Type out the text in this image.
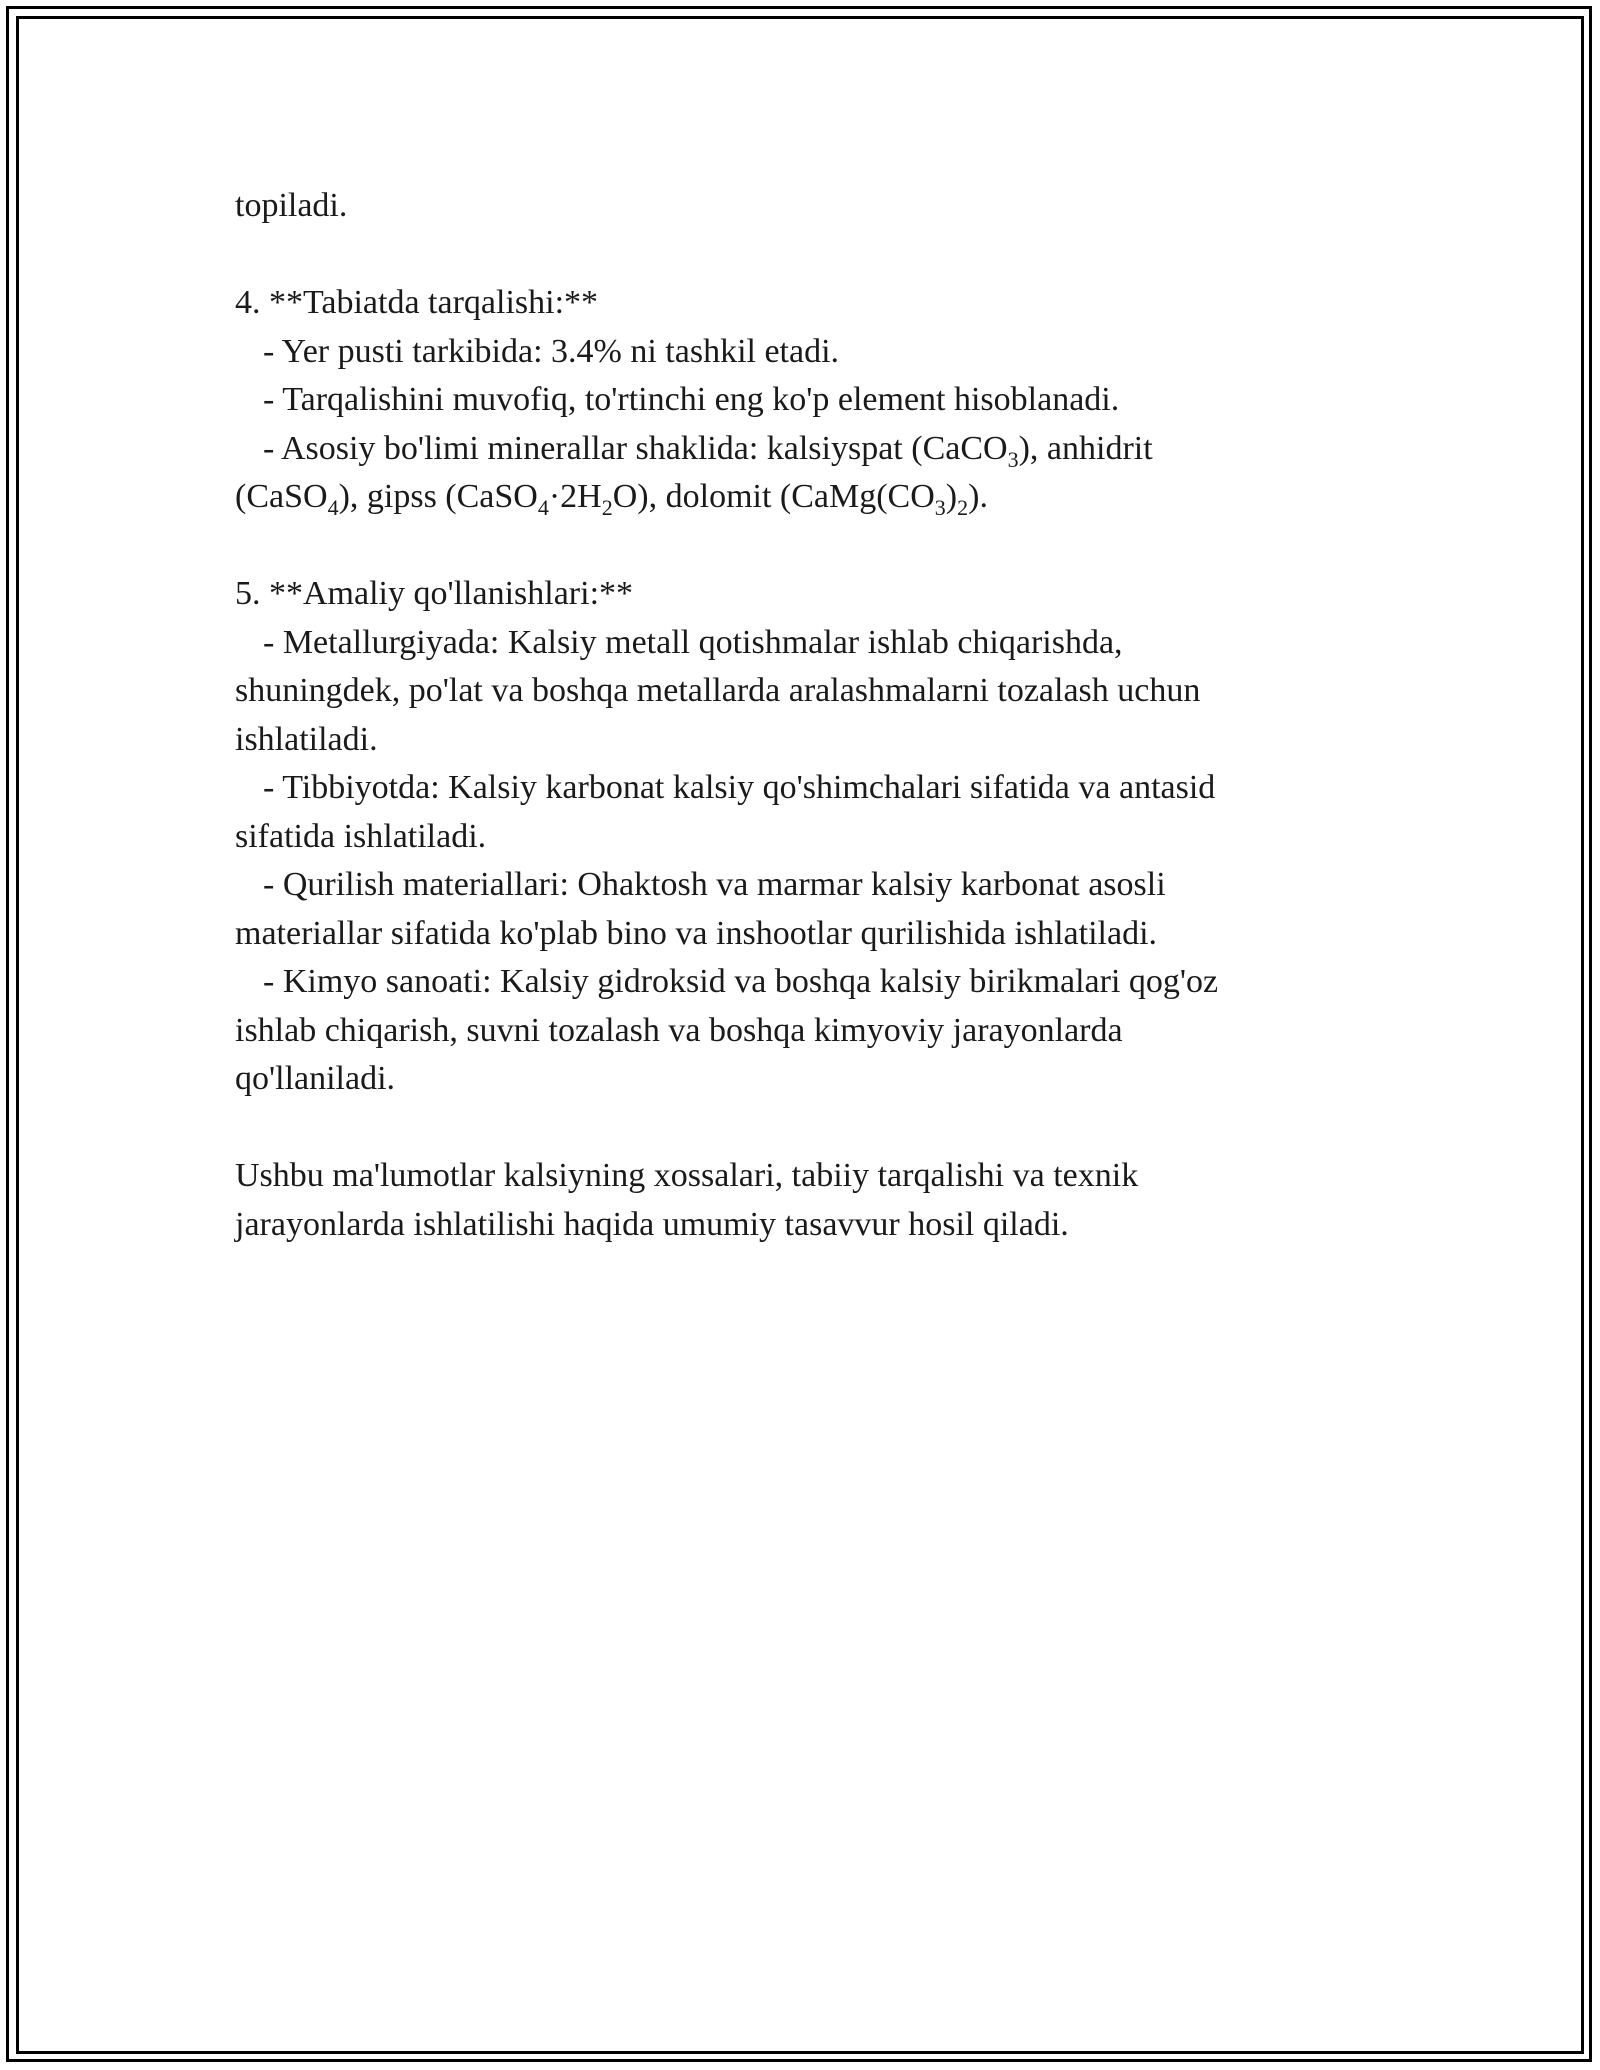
topiladi.
4. **Tabiatda tarqalishi:**
- Yer pusti tarkibida: 3.4% ni tashkil etadi.
- Tarqalishini muvofiq, to'rtinchi eng ko'p element hisoblanadi.
- Asosiy bo'limi minerallar shaklida: kalsiyspat (CaCO$_3$), anhidrit
(CaSO$_4$), gipss $(CaSO_4\cdot 2H_2O)$, dolomit $(CaMg(CO_3)_2)$.
5. **Amaliy qo'llanishlari:**
- Metallurgiyada: Kalsiy metall qotishmalar ishlab chiqarishda,
shuningdek, po'lat va boshqa metallarda aralashmalarni tozalash uchun
ishlatiladi.
- Tibbiyotda: Kalsiy karbonat kalsiy qo'shimchalari sifatida va antasid
sifatida ishlatiladi.
- Qurilish materiallari: Ohaktosh va marmar kalsiy karbonat asosli
materiallar sifatida ko'plab bino va inshootlar qurilishida ishlatiladi.
- Kimyo sanoati: Kalsiy gidroksid va boshqa kalsiy birikmalari qog'oz
ishlab chiqarish, suvni tozalash va boshqa kimyoviy jarayonlarda
qo'llaniladi.
Ushbu ma'lumotlar kalsiyning xossalari, tabiiy tarqalishi va texnik
jarayonlarda ishlatilishi haqida umumiy tasavvur hosil qiladi.
